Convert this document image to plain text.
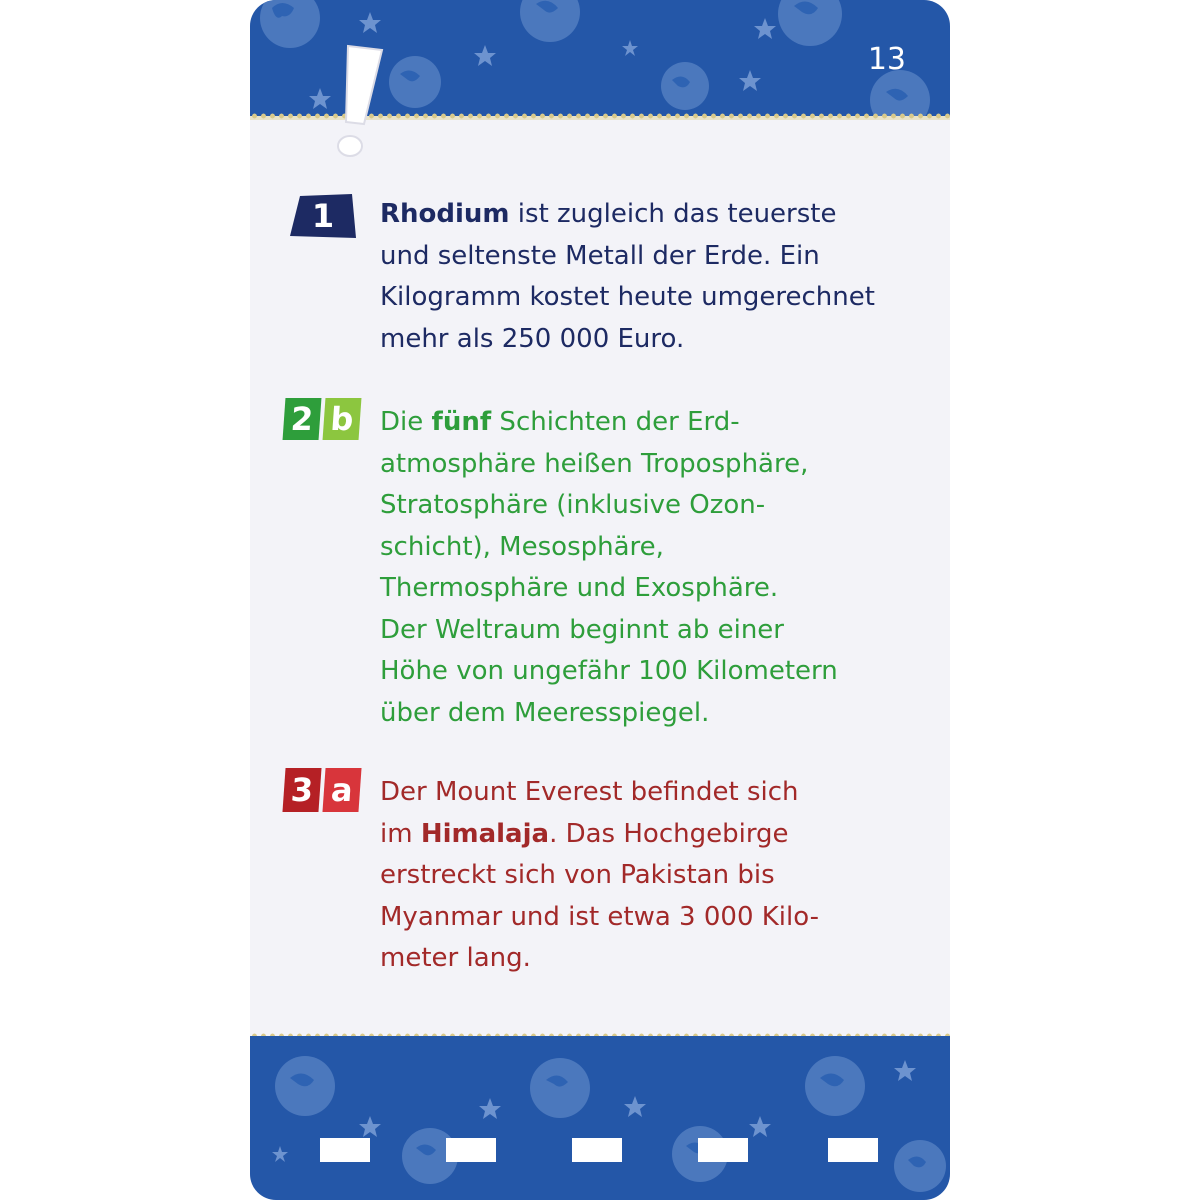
13
1 Rhodium ist zugleich das teuerste
und seltenste Metall der Erde. Ein
Kilogramm kostet heute umgerechnet
mehr als 250 000 Euro.
2 b Die fünf Schichten der Erd-
atmosphäre heißen Troposphäre,
Stratosphäre (inklusive Ozon-
schicht), Mesosphäre,
Thermosphäre und Exosphäre.
Der Weltraum beginnt ab einer
Höhe von ungefähr 100 Kilometern
über dem Meeresspiegel.
3 a Der Mount Everest befindet sich
im Himalaja. Das Hochgebirge
erstreckt sich von Pakistan bis
Myanmar und ist etwa 3 000 Kilo-
meter lang.
